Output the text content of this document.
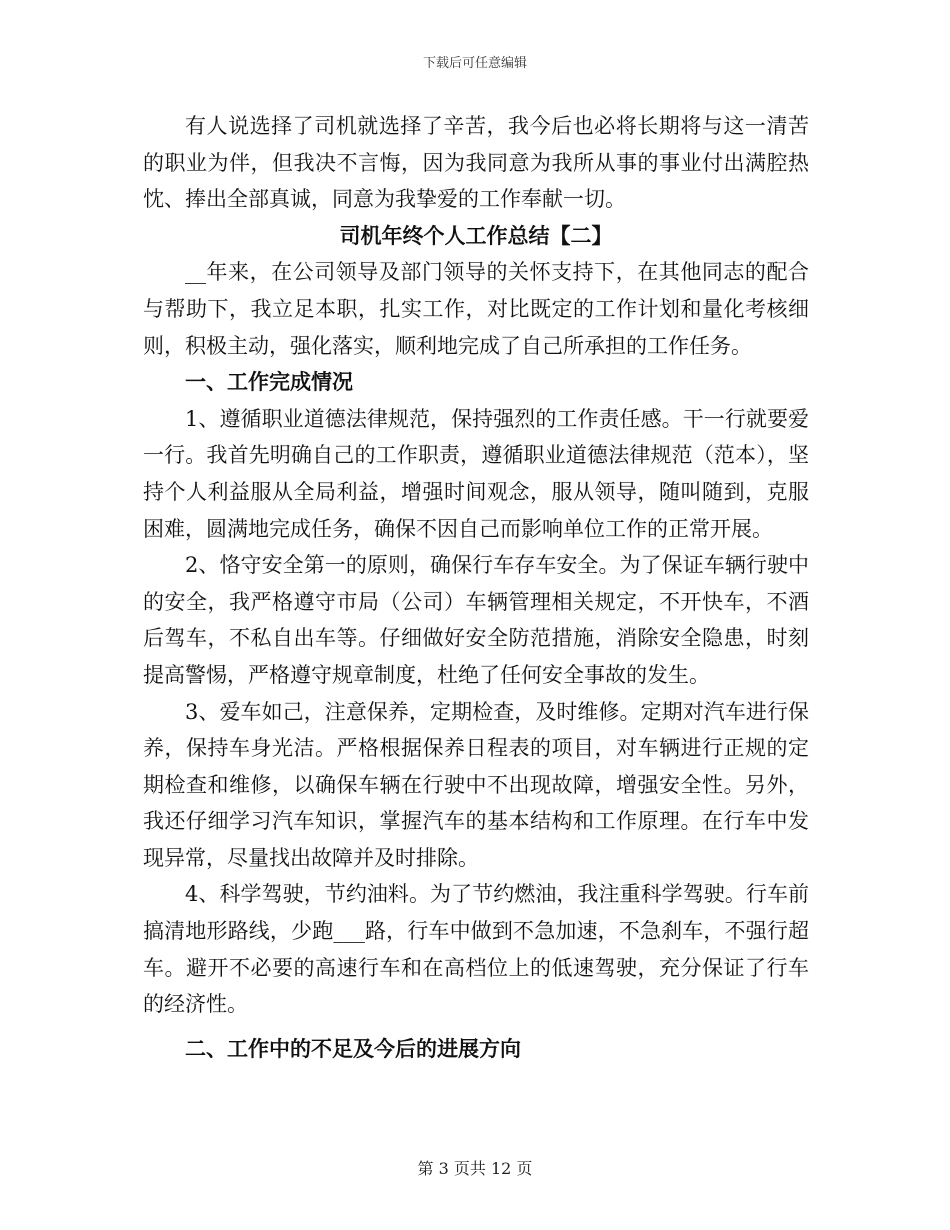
下载后可任意编辑

有人说选择了司机就选择了辛苦，我今后也必将长期将与这一清苦的职业为伴，但我决不言悔，因为我同意为我所从事的事业付出满腔热忱、捧出全部真诚，同意为我挚爱的工作奉献一切。

司机年终个人工作总结【二】

__年来，在公司领导及部门领导的关怀支持下，在其他同志的配合与帮助下，我立足本职，扎实工作，对比既定的工作计划和量化考核细则，积极主动，强化落实，顺利地完成了自己所承担的工作任务。

一、工作完成情况

1、遵循职业道德法律规范，保持强烈的工作责任感。干一行就要爱一行。我首先明确自己的工作职责，遵循职业道德法律规范（范本），坚持个人利益服从全局利益，增强时间观念，服从领导，随叫随到，克服困难，圆满地完成任务，确保不因自己而影响单位工作的正常开展。

2、恪守安全第一的原则，确保行车存车安全。为了保证车辆行驶中的安全，我严格遵守市局（公司）车辆管理相关规定，不开快车，不酒后驾车，不私自出车等。仔细做好安全防范措施，消除安全隐患，时刻提高警惕，严格遵守规章制度，杜绝了任何安全事故的发生。

3、爱车如己，注意保养，定期检查，及时维修。定期对汽车进行保养，保持车身光洁。严格根据保养日程表的项目，对车辆进行正规的定期检查和维修，以确保车辆在行驶中不出现故障，增强安全性。另外，我还仔细学习汽车知识，掌握汽车的基本结构和工作原理。在行车中发现异常，尽量找出故障并及时排除。

4、科学驾驶，节约油料。为了节约燃油，我注重科学驾驶。行车前搞清地形路线，少跑___路，行车中做到不急加速，不急刹车，不强行超车。避开不必要的高速行车和在高档位上的低速驾驶，充分保证了行车的经济性。

二、工作中的不足及今后的进展方向

第 3 页共 12 页
